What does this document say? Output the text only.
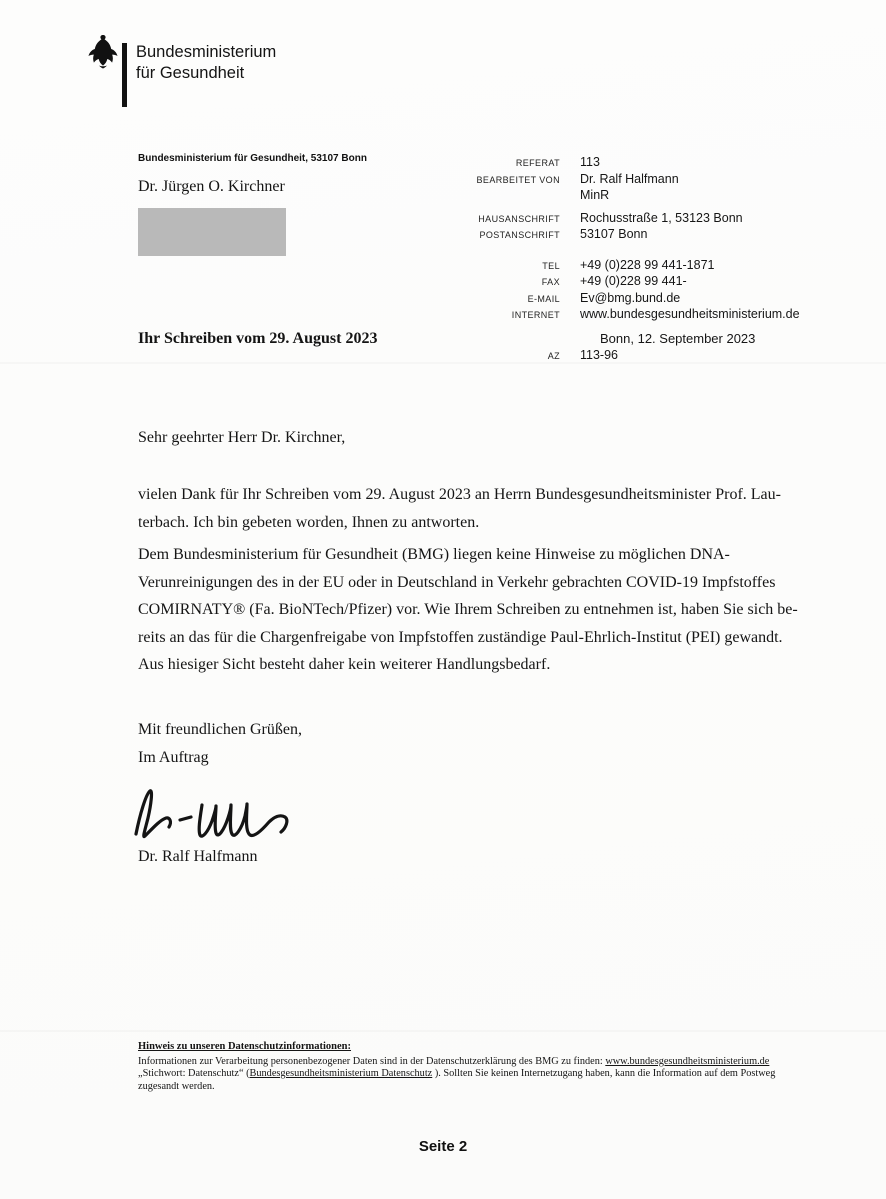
Bundesministerium
für Gesundheit
Bundesministerium für Gesundheit, 53107 Bonn
Dr. Jürgen O. Kirchner
REFERAT	113
BEARBEITET VON	Dr. Ralf Halfmann
MinR
HAUSANSCHRIFT	Rochusstraße 1, 53123 Bonn
POSTANSCHRIFT	53107 Bonn
TEL	+49 (0)228 99 441-1871
FAX	+49 (0)228 99 441-
E-MAIL	Ev@bmg.bund.de
INTERNET	www.bundesgesundheitsministerium.de
Ihr Schreiben vom 29. August 2023	Bonn, 12. September 2023
AZ	113-96
Sehr geehrter Herr Dr. Kirchner,
vielen Dank für Ihr Schreiben vom 29. August 2023 an Herrn Bundesgesundheitsminister Prof. Lau-
terbach. Ich bin gebeten worden, Ihnen zu antworten.
Dem Bundesministerium für Gesundheit (BMG) liegen keine Hinweise zu möglichen DNA-
Verunreinigungen des in der EU oder in Deutschland in Verkehr gebrachten COVID-19 Impfstoffes
COMIRNATY® (Fa. BioNTech/Pfizer) vor. Wie Ihrem Schreiben zu entnehmen ist, haben Sie sich be-
reits an das für die Chargenfreigabe von Impfstoffen zuständige Paul-Ehrlich-Institut (PEI) gewandt.
Aus hiesiger Sicht besteht daher kein weiterer Handlungsbedarf.
Mit freundlichen Grüßen,
Im Auftrag
Dr. Ralf Halfmann
Hinweis zu unseren Datenschutzinformationen:
Informationen zur Verarbeitung personenbezogener Daten sind in der Datenschutzerklärung des BMG zu finden: www.bundesgesundheitsministerium.de „Stichwort: Datenschutz“ (Bundesgesundheitsministerium Datenschutz ). Sollten Sie keinen Internetzugang haben, kann die Information auf dem Postweg zugesandt werden.
Seite 2
